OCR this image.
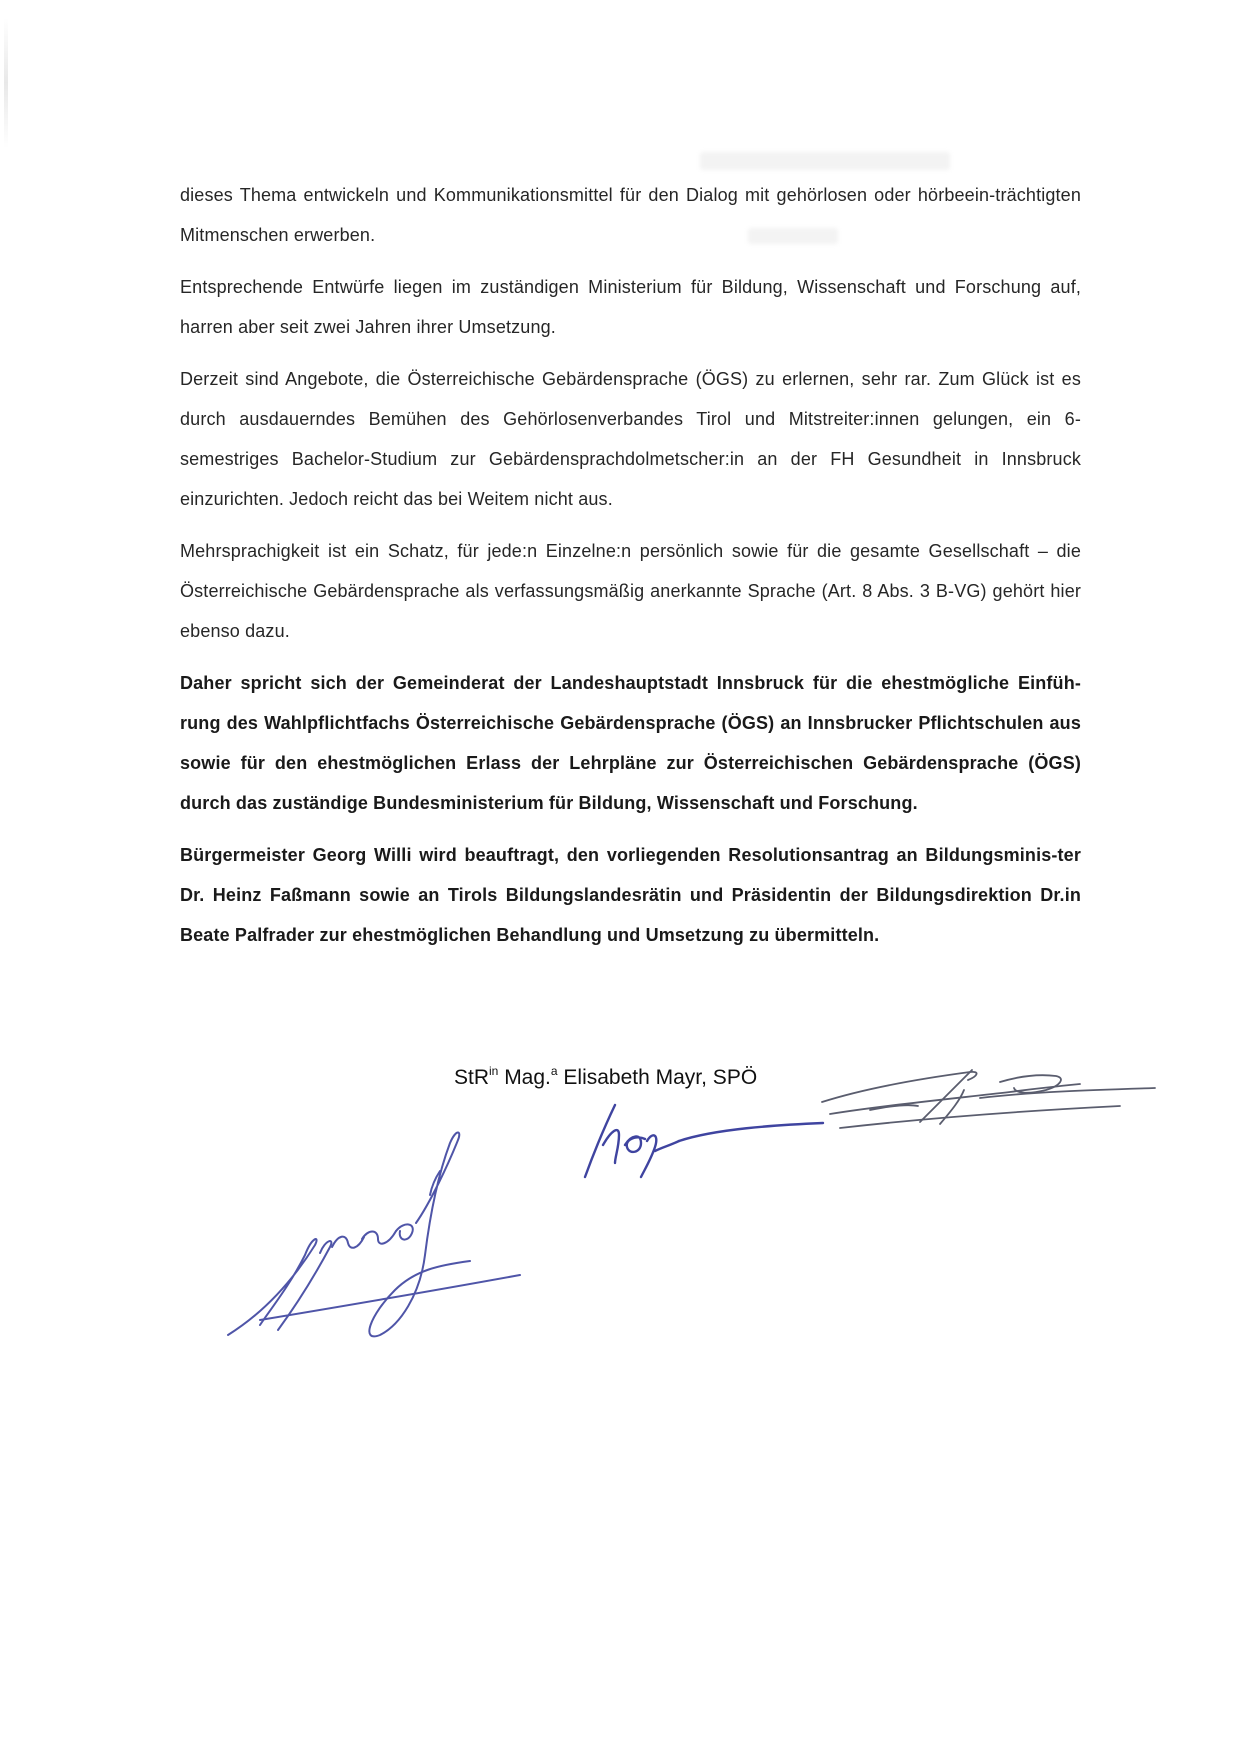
dieses Thema entwickeln und Kommunikationsmittel für den Dialog mit gehörlosen oder hörbeein-trächtigten Mitmenschen erwerben.

Entsprechende Entwürfe liegen im zuständigen Ministerium für Bildung, Wissenschaft und Forschung auf, harren aber seit zwei Jahren ihrer Umsetzung.

Derzeit sind Angebote, die Österreichische Gebärdensprache (ÖGS) zu erlernen, sehr rar. Zum Glück ist es durch ausdauerndes Bemühen des Gehörlosenverbandes Tirol und Mitstreiter:innen gelungen, ein 6-semestriges Bachelor-Studium zur Gebärdensprachdolmetscher:in an der FH Gesundheit in Innsbruck einzurichten. Jedoch reicht das bei Weitem nicht aus.

Mehrsprachigkeit ist ein Schatz, für jede:n Einzelne:n persönlich sowie für die gesamte Gesellschaft – die Österreichische Gebärdensprache als verfassungsmäßig anerkannte Sprache (Art. 8 Abs. 3 B-VG) gehört hier ebenso dazu.

Daher spricht sich der Gemeinderat der Landeshauptstadt Innsbruck für die ehestmögliche Einfüh-rung des Wahlpflichtfachs Österreichische Gebärdensprache (ÖGS) an Innsbrucker Pflichtschulen aus sowie für den ehestmöglichen Erlass der Lehrpläne zur Österreichischen Gebärdensprache (ÖGS) durch das zuständige Bundesministerium für Bildung, Wissenschaft und Forschung.

Bürgermeister Georg Willi wird beauftragt, den vorliegenden Resolutionsantrag an Bildungsminis-ter Dr. Heinz Faßmann sowie an Tirols Bildungslandesrätin und Präsidentin der Bildungsdirektion Dr.in Beate Palfrader zur ehestmöglichen Behandlung und Umsetzung zu übermitteln.

StR$^{in}$ Mag.$^a$ Elisabeth Mayr, SPÖ
